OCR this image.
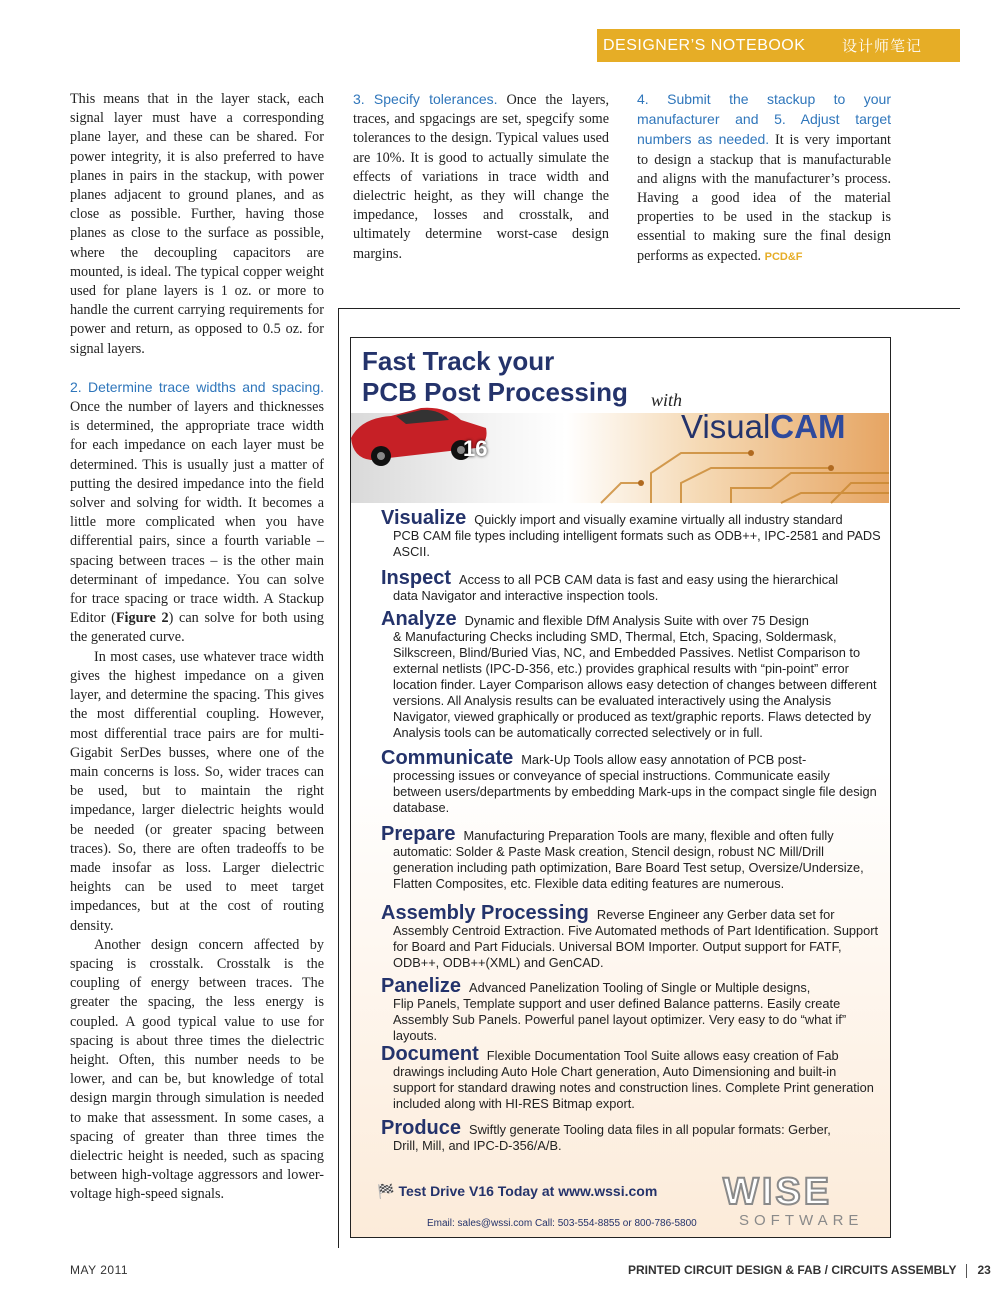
DESIGNER’S NOTEBOOK 设计师笔记

This means that in the layer stack, each signal layer must have a corresponding plane layer, and these can be shared. For power integrity, it is also preferred to have planes in pairs in the stackup, with power planes adjacent to ground planes, and as close as possible. Further, having those planes as close to the surface as possible, where the decoupling capacitors are mounted, is ideal. The typical copper weight used for plane layers is 1 oz. or more to handle the current carrying requirements for power and return, as opposed to 0.5 oz. for signal layers.

2. Determine trace widths and spacing. Once the number of layers and thicknesses is determined, the appropriate trace width for each impedance on each layer must be determined. This is usually just a matter of putting the desired impedance into the field solver and solving for width. It becomes a little more complicated when you have differential pairs, since a fourth variable – spacing between traces – is the other main determinant of impedance. You can solve for trace spacing or trace width. A Stackup Editor (Figure 2) can solve for both using the generated curve.

In most cases, use whatever trace width gives the highest impedance on a given layer, and determine the spacing. This gives the most differential coupling. However, most differential trace pairs are for multi-Gigabit SerDes busses, where one of the main concerns is loss. So, wider traces can be used, but to maintain the right impedance, larger dielectric heights would be needed (or greater spacing between traces). So, there are often tradeoffs to be made insofar as loss. Larger dielectric heights can be used to meet target impedances, but at the cost of routing density.

Another design concern affected by spacing is crosstalk. Crosstalk is the coupling of energy between traces. The greater the spacing, the less energy is coupled. A good typical value to use for spacing is about three times the dielectric height. Often, this number needs to be lower, and can be, but knowledge of total design margin through simulation is needed to make that assessment. In some cases, a spacing of greater than three times the dielectric height is needed, such as spacing between high-voltage aggressors and lower-voltage high-speed signals.

3. Specify tolerances. Once the layers, traces, and spgacings are set, spegcify some tolerances to the design. Typical values used are 10%. It is good to actually simulate the effects of variations in trace width and dielectric height, as they will change the impedance, losses and crosstalk, and ultimately determine worst-case design margins.

4. Submit the stackup to your manufacturer and 5. Adjust target numbers as needed. It is very important to design a stackup that is manufacturable and aligns with the manufacturer’s process. Having a good idea of the material properties to be used in the stackup is essential to making sure the final design performs as expected. PCD&F

Fast Track your
PCB Post Processing with
VisualCAM
16
Visualize Quickly import and visually examine virtually all industry standard
PCB CAM file types including intelligent formats such as ODB++, IPC-2581 and PADS ASCII.
Inspect Access to all PCB CAM data is fast and easy using the hierarchical
data Navigator and interactive inspection tools.
Analyze Dynamic and flexible DfM Analysis Suite with over 75 Design
& Manufacturing Checks including SMD, Thermal, Etch, Spacing, Soldermask, Silkscreen, Blind/Buried Vias, NC, and Embedded Passives. Netlist Comparison to external netlists (IPC-D-356, etc.) provides graphical results with “pin-point” error location finder. Layer Comparison allows easy detection of changes between different versions. All Analysis results can be evaluated interactively using the Analysis Navigator, viewed graphically or produced as text/graphic reports. Flaws detected by Analysis tools can be automatically corrected selectively or in full.
Communicate Mark-Up Tools allow easy annotation of PCB post-
processing issues or conveyance of special instructions. Communicate easily between users/departments by embedding Mark-ups in the compact single file design database.
Prepare Manufacturing Preparation Tools are many, flexible and often fully
automatic: Solder & Paste Mask creation, Stencil design, robust NC Mill/Drill generation including path optimization, Bare Board Test setup, Oversize/Undersize, Flatten Composites, etc. Flexible data editing features are numerous.
Assembly Processing Reverse Engineer any Gerber data set for
Assembly Centroid Extraction. Five Automated methods of Part Identification. Support for Board and Part Fiducials. Universal BOM Importer. Output support for FATF, ODB++, ODB++(XML) and GenCAD.
Panelize Advanced Panelization Tooling of Single or Multiple designs,
Flip Panels, Template support and user defined Balance patterns. Easily create Assembly Sub Panels. Powerful panel layout optimizer. Very easy to do “what if” layouts.
Document Flexible Documentation Tool Suite allows easy creation of Fab
drawings including Auto Hole Chart generation, Auto Dimensioning and built-in support for standard drawing notes and construction lines. Complete Print generation included along with HI-RES Bitmap export.
Produce Swiftly generate Tooling data files in all popular formats: Gerber,
Drill, Mill, and IPC-D-356/A/B.
🏁 Test Drive V16 Today at www.wssi.com
Email: sales@wssi.com Call: 503-554-8855 or 800-786-5800
WISE
SOFTWARE
MAY 2011	PRINTED CIRCUIT DESIGN & FAB / CIRCUITS ASSEMBLY 23
